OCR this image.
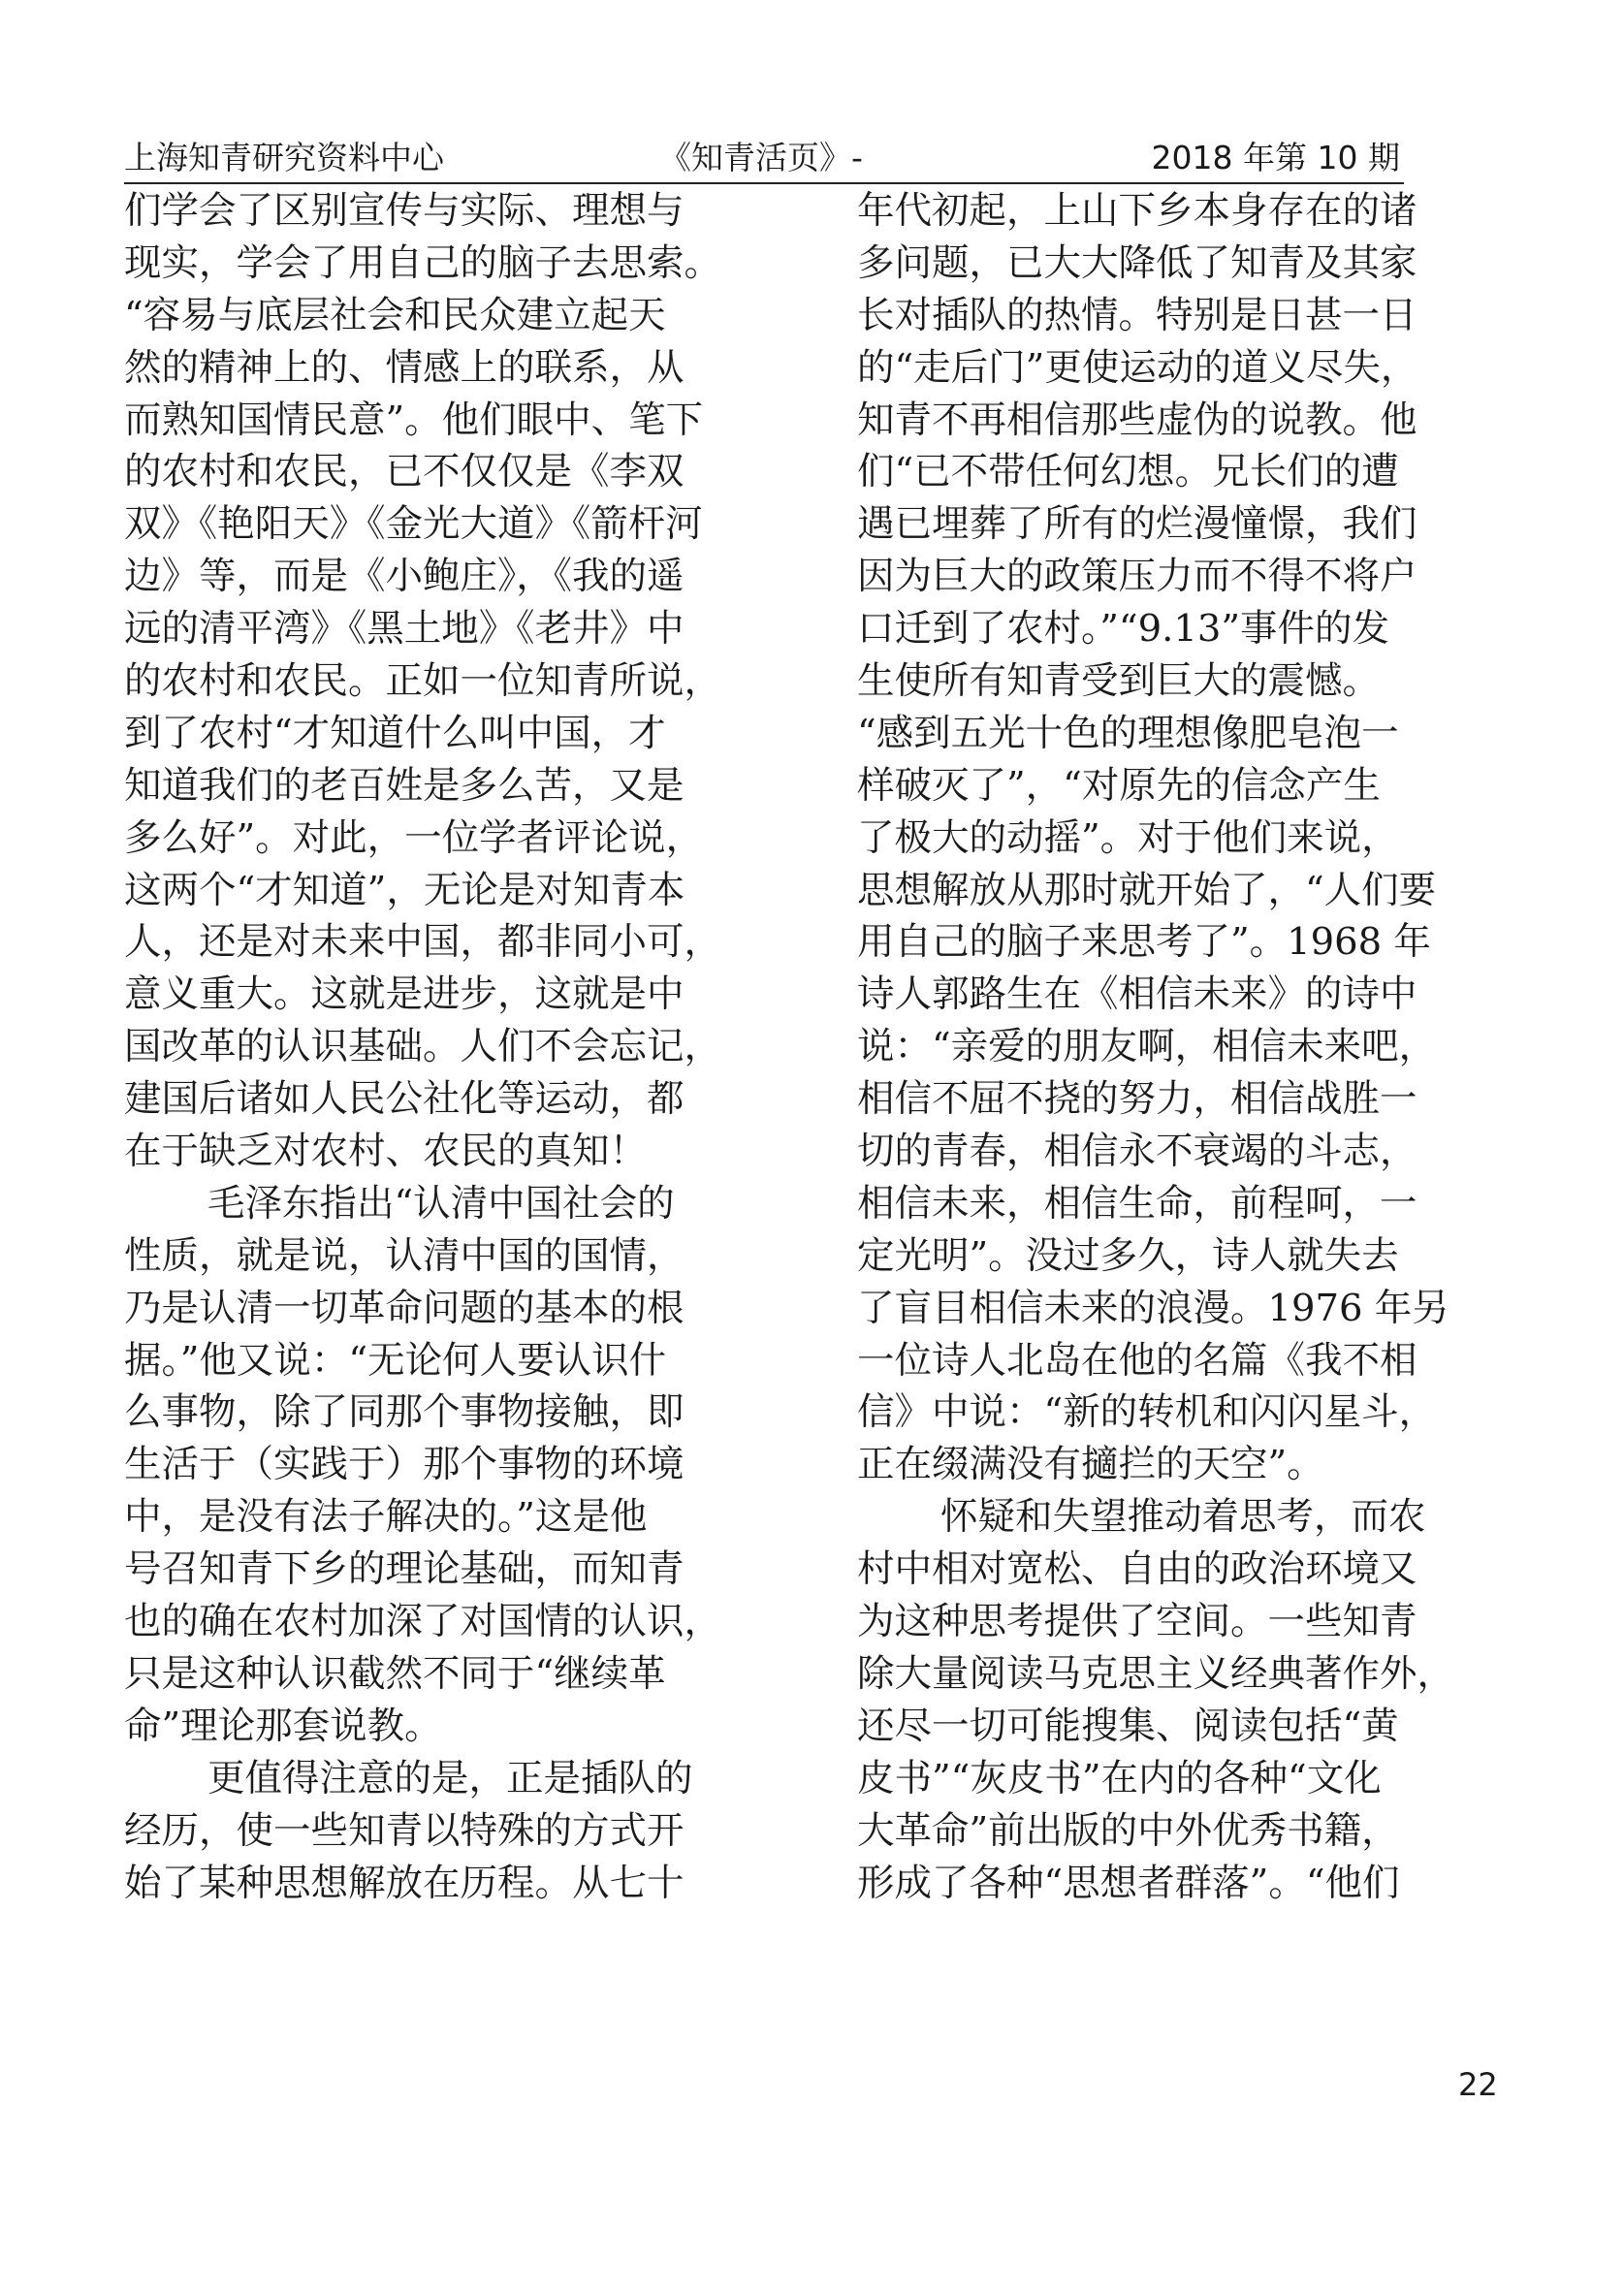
上海知青研究资料中心	《知青活页》-	2018 年第 10 期
们学会了区别宣传与实际、理想与
现实，学会了用自己的脑子去思索。
“容易与底层社会和民众建立起天
然的精神上的、情感上的联系，从
而熟知国情民意”。他们眼中、笔下
的农村和农民，已不仅仅是《李双
双》《艳阳天》《金光大道》《箭杆河
边》等，而是《小鲍庄》，《我的遥
远的清平湾》《黑土地》《老井》中
的农村和农民。正如一位知青所说，
到了农村“才知道什么叫中国，才
知道我们的老百姓是多么苦，又是
多么好”。对此，一位学者评论说，
这两个“才知道”，无论是对知青本
人，还是对未来中国，都非同小可，
意义重大。这就是进步，这就是中
国改革的认识基础。人们不会忘记，
建国后诸如人民公社化等运动，都
在于缺乏对农村、农民的真知！
毛泽东指出“认清中国社会的
性质，就是说，认清中国的国情，
乃是认清一切革命问题的基本的根
据。”他又说：“无论何人要认识什
么事物，除了同那个事物接触，即
生活于（实践于）那个事物的环境
中，是没有法子解决的。”这是他
号召知青下乡的理论基础，而知青
也的确在农村加深了对国情的认识，
只是这种认识截然不同于“继续革
命”理论那套说教。
更值得注意的是，正是插队的
经历，使一些知青以特殊的方式开
始了某种思想解放在历程。从七十
年代初起，上山下乡本身存在的诸
多问题，已大大降低了知青及其家
长对插队的热情。特别是日甚一日
的“走后门”更使运动的道义尽失，
知青不再相信那些虚伪的说教。他
们“已不带任何幻想。兄长们的遭
遇已埋葬了所有的烂漫憧憬，我们
因为巨大的政策压力而不得不将户
口迁到了农村。”“9.13”事件的发
生使所有知青受到巨大的震憾。
“感到五光十色的理想像肥皂泡一
样破灭了”，“对原先的信念产生
了极大的动摇”。对于他们来说，
思想解放从那时就开始了，“人们要
用自己的脑子来思考了”。1968 年
诗人郭路生在《相信未来》的诗中
说：“亲爱的朋友啊，相信未来吧，
相信不屈不挠的努力，相信战胜一
切的青春，相信永不衰竭的斗志，
相信未来，相信生命，前程呵，一
定光明”。没过多久，诗人就失去
了盲目相信未来的浪漫。1976 年另
一位诗人北岛在他的名篇《我不相
信》中说：“新的转机和闪闪星斗，
正在缀满没有擿拦的天空”。
怀疑和失望推动着思考，而农
村中相对宽松、自由的政治环境又
为这种思考提供了空间。一些知青
除大量阅读马克思主义经典著作外，
还尽一切可能搜集、阅读包括“黄
皮书”“灰皮书”在内的各种“文化
大革命”前出版的中外优秀书籍，
形成了各种“思想者群落”。“他们
22
